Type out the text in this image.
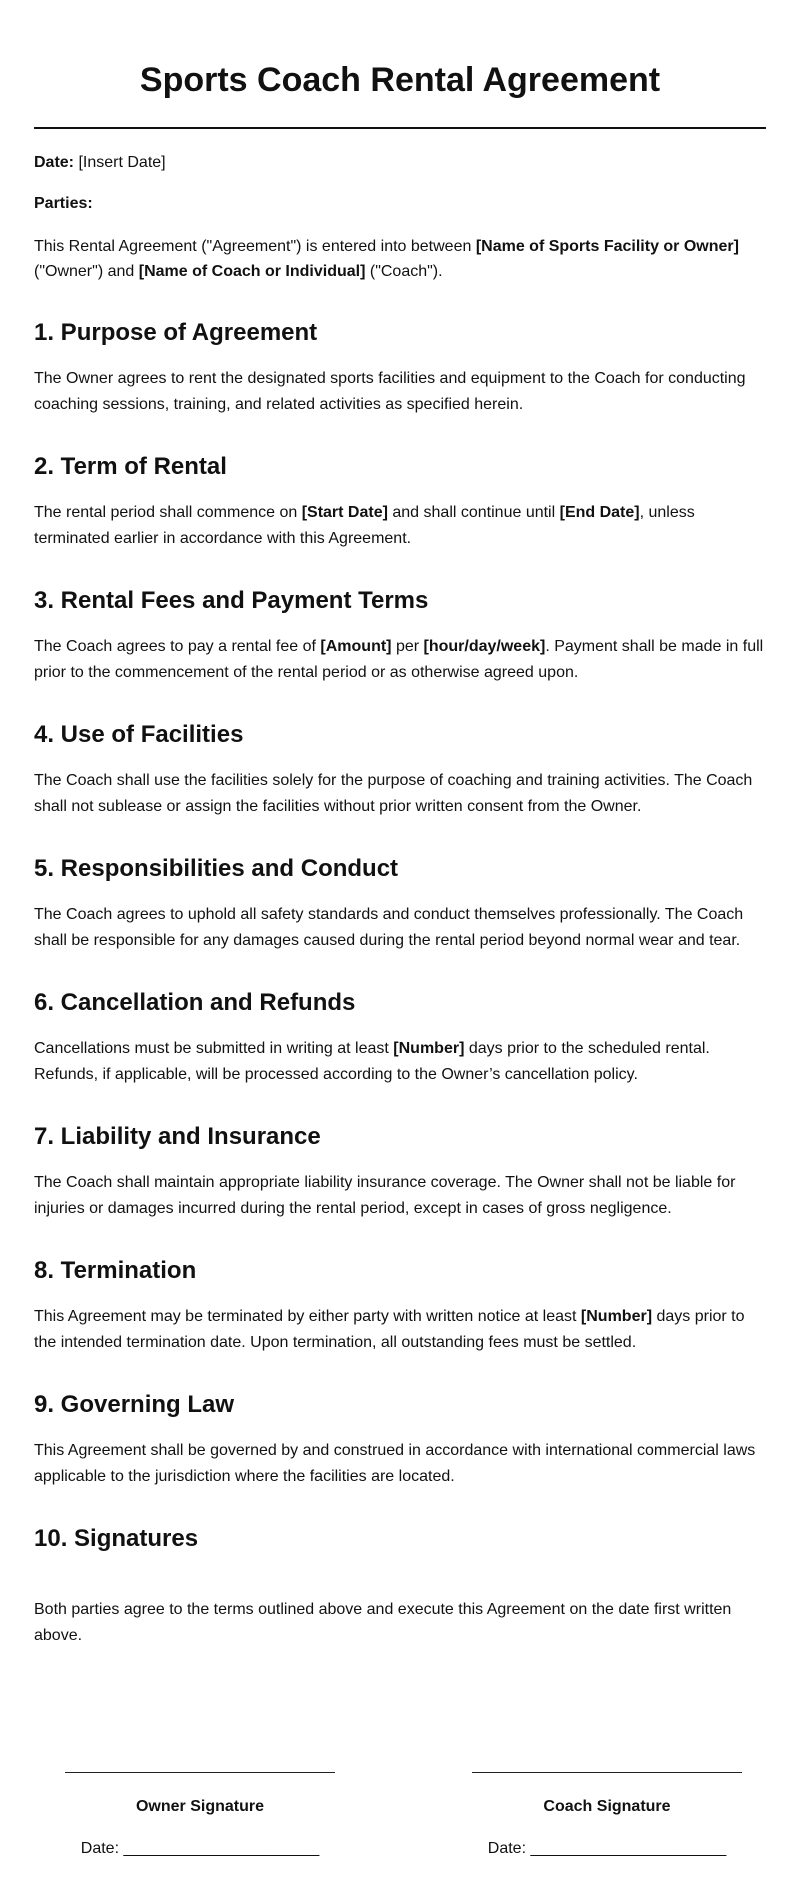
Sports Coach Rental Agreement

Date: [Insert Date]

Parties:

This Rental Agreement ("Agreement") is entered into between [Name of Sports Facility or Owner] ("Owner") and [Name of Coach or Individual] ("Coach").

1. Purpose of Agreement

The Owner agrees to rent the designated sports facilities and equipment to the Coach for conducting coaching sessions, training, and related activities as specified herein.

2. Term of Rental

The rental period shall commence on [Start Date] and shall continue until [End Date], unless terminated earlier in accordance with this Agreement.

3. Rental Fees and Payment Terms

The Coach agrees to pay a rental fee of [Amount] per [hour/day/week]. Payment shall be made in full prior to the commencement of the rental period or as otherwise agreed upon.

4. Use of Facilities

The Coach shall use the facilities solely for the purpose of coaching and training activities. The Coach shall not sublease or assign the facilities without prior written consent from the Owner.

5. Responsibilities and Conduct

The Coach agrees to uphold all safety standards and conduct themselves professionally. The Coach shall be responsible for any damages caused during the rental period beyond normal wear and tear.

6. Cancellation and Refunds

Cancellations must be submitted in writing at least [Number] days prior to the scheduled rental. Refunds, if applicable, will be processed according to the Owner’s cancellation policy.

7. Liability and Insurance

The Coach shall maintain appropriate liability insurance coverage. The Owner shall not be liable for injuries or damages incurred during the rental period, except in cases of gross negligence.

8. Termination

This Agreement may be terminated by either party with written notice at least [Number] days prior to the intended termination date. Upon termination, all outstanding fees must be settled.

9. Governing Law

This Agreement shall be governed by and construed in accordance with international commercial laws applicable to the jurisdiction where the facilities are located.

10. Signatures

Both parties agree to the terms outlined above and execute this Agreement on the date first written above.

Owner Signature
Date: ______________________
Coach Signature
Date: ______________________
